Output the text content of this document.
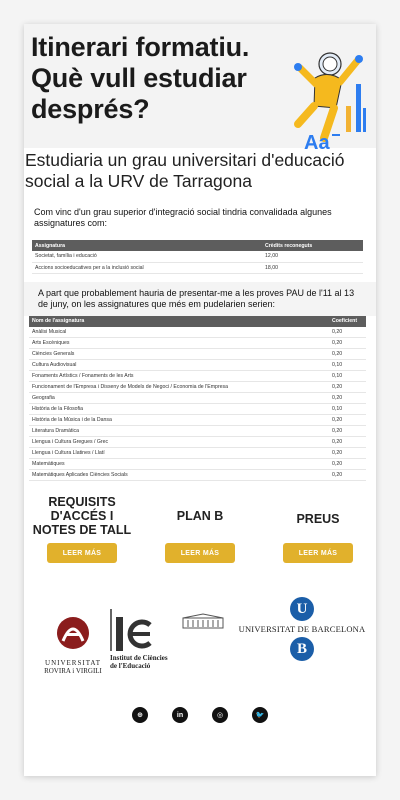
Itinerari formatiu. Què vull estudiar després?
Aa
Estudiaria un grau universitari d'educació social a la URV de Tarragona

Com vinc d'un grau superior d'integració social tindria convalidada algunes assignatures com:

Assignatura	Crèdits reconeguts
Societat, família i educació	12,00
Accions socioeducatives per a la inclusió social	18,00

A part que probablement hauria de presentar-me a les proves PAU de l'11 al 13 de juny, on les assignatures que més em pudelarien serien:

Nom de l'assignatura	Coeficient
Anàlisi Musical	0,20
Arts Escèniques	0,20
Ciències Generals	0,20
Cultura Audiovisual	0,10
Fonaments Artístics / Fonaments de les Arts	0,10
Funcionament de l'Empresa i Disseny de Models de Negoci / Economia de l'Empresa	0,20
Geografia	0,20
Història de la Filosofia	0,10
Història de la Música i de la Dansa	0,20
Literatura Dramàtica	0,20
Llengua i Cultura Gregues / Grec	0,20
Llengua i Cultura Llatines / Llatí	0,20
Matemàtiques	0,20
Matemàtiques Aplicades Ciències Socials	0,20
REQUISITS D'ACCÉS I NOTES DE TALL
LEER MÁS
PLAN B
LEER MÁS
PREUS
LEER MÁS
UNIVERSITAT
ROVIRA i VIRGILI
Institut de Ciències
de l'Educació
U
UNIVERSITAT DE BARCELONA
B
⊕	in	◎	🐦
